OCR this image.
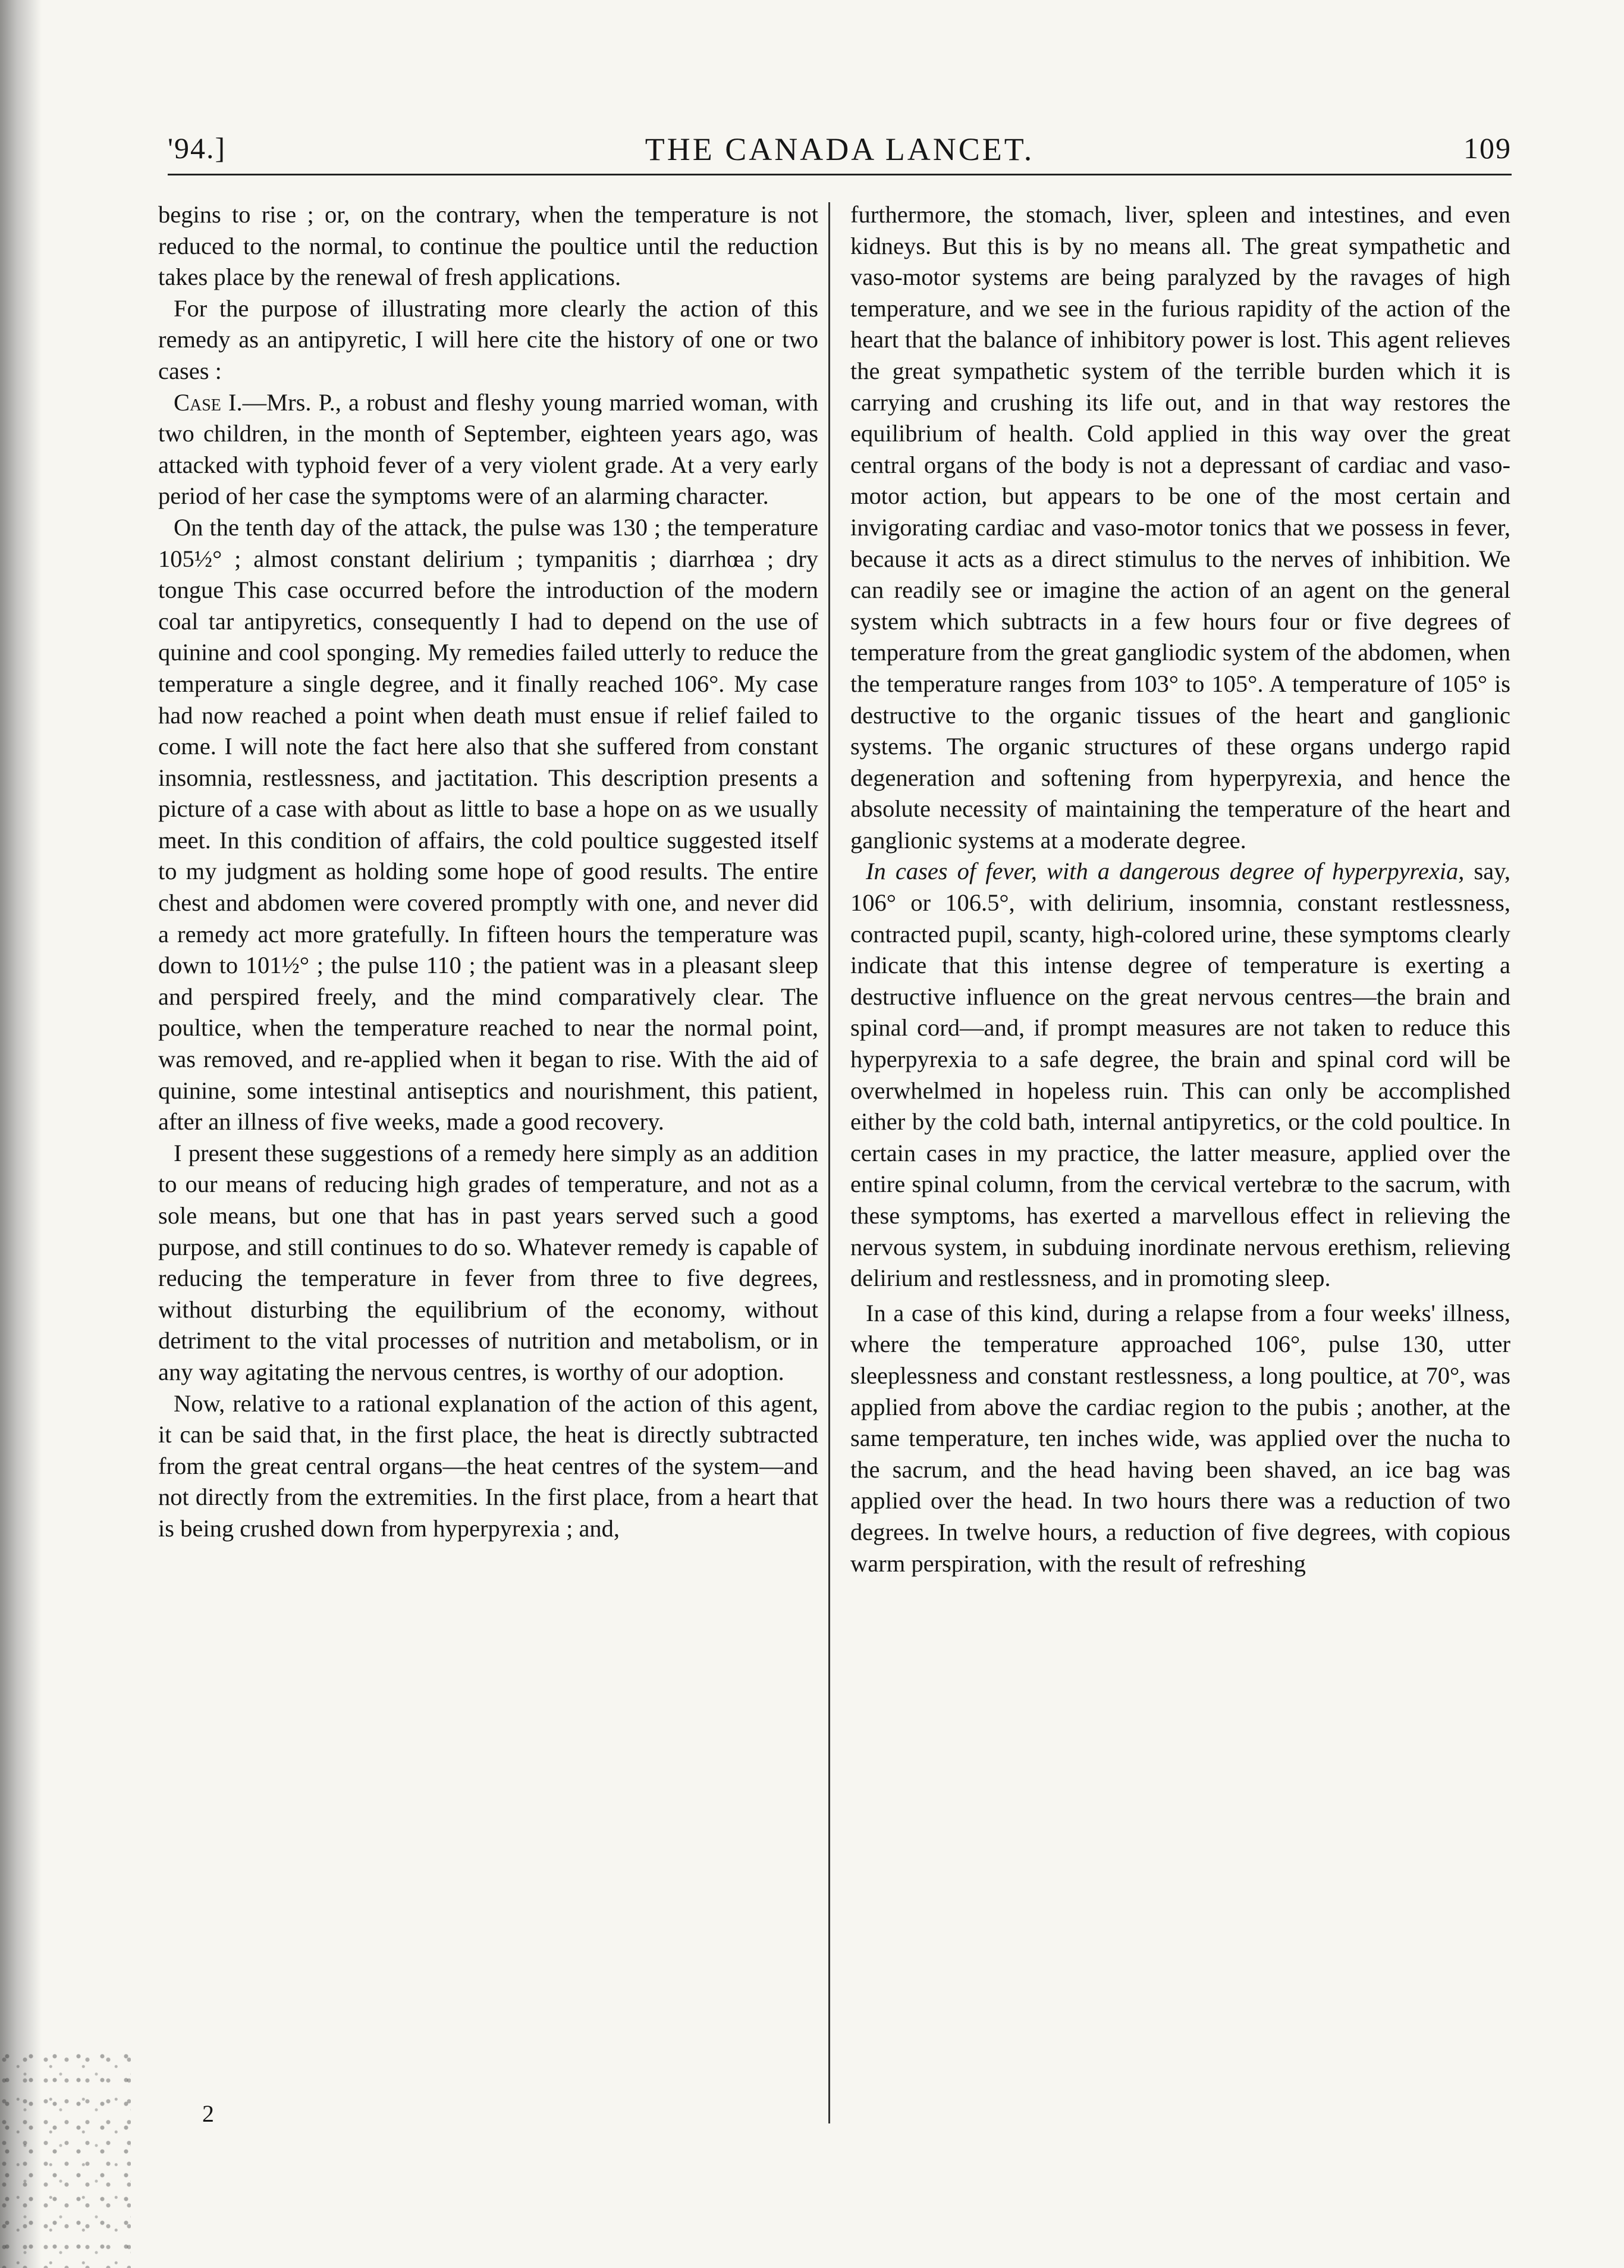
'94.]	THE CANADA LANCET.	109

begins to rise ; or, on the contrary, when the temperature is not reduced to the normal, to continue the poultice until the reduction takes place by the renewal of fresh applications.

For the purpose of illustrating more clearly the action of this remedy as an antipyretic, I will here cite the history of one or two cases :

Case I.—Mrs. P., a robust and fleshy young married woman, with two children, in the month of September, eighteen years ago, was attacked with typhoid fever of a very violent grade. At a very early period of her case the symptoms were of an alarming character.

On the tenth day of the attack, the pulse was 130 ; the temperature 105½° ; almost constant delirium ; tympanitis ; diarrhœa ; dry tongue This case occurred before the introduction of the modern coal tar antipyretics, consequently I had to depend on the use of quinine and cool sponging. My remedies failed utterly to reduce the temperature a single degree, and it finally reached 106°. My case had now reached a point when death must ensue if relief failed to come. I will note the fact here also that she suffered from constant insomnia, restlessness, and jactitation. This description presents a picture of a case with about as little to base a hope on as we usually meet. In this condition of affairs, the cold poultice suggested itself to my judgment as holding some hope of good results. The entire chest and abdomen were covered promptly with one, and never did a remedy act more gratefully. In fifteen hours the temperature was down to 101½° ; the pulse 110 ; the patient was in a pleasant sleep and perspired freely, and the mind comparatively clear. The poultice, when the temperature reached to near the normal point, was removed, and re-applied when it began to rise. With the aid of quinine, some intestinal antiseptics and nourishment, this patient, after an illness of five weeks, made a good recovery.

I present these suggestions of a remedy here simply as an addition to our means of reducing high grades of temperature, and not as a sole means, but one that has in past years served such a good purpose, and still continues to do so. Whatever remedy is capable of reducing the temperature in fever from three to five degrees, without disturbing the equilibrium of the economy, without detriment to the vital processes of nutrition and metabolism, or in any way agitating the nervous centres, is worthy of our adoption.

Now, relative to a rational explanation of the action of this agent, it can be said that, in the first place, the heat is directly subtracted from the great central organs—the heat centres of the system—and not directly from the extremities. In the first place, from a heart that is being crushed down from hyperpyrexia ; and,

furthermore, the stomach, liver, spleen and intestines, and even kidneys. But this is by no means all. The great sympathetic and vaso-motor systems are being paralyzed by the ravages of high temperature, and we see in the furious rapidity of the action of the heart that the balance of inhibitory power is lost. This agent relieves the great sympathetic system of the terrible burden which it is carrying and crushing its life out, and in that way restores the equilibrium of health. Cold applied in this way over the great central organs of the body is not a depressant of cardiac and vaso-motor action, but appears to be one of the most certain and invigorating cardiac and vaso-motor tonics that we possess in fever, because it acts as a direct stimulus to the nerves of inhibition. We can readily see or imagine the action of an agent on the general system which subtracts in a few hours four or five degrees of temperature from the great gangliodic system of the abdomen, when the temperature ranges from 103° to 105°. A temperature of 105° is destructive to the organic tissues of the heart and ganglionic systems. The organic structures of these organs undergo rapid degeneration and softening from hyperpyrexia, and hence the absolute necessity of maintaining the temperature of the heart and ganglionic systems at a moderate degree.

In cases of fever, with a dangerous degree of hyperpyrexia, say, 106° or 106.5°, with delirium, insomnia, constant restlessness, contracted pupil, scanty, high-colored urine, these symptoms clearly indicate that this intense degree of temperature is exerting a destructive influence on the great nervous centres—the brain and spinal cord—and, if prompt measures are not taken to reduce this hyperpyrexia to a safe degree, the brain and spinal cord will be overwhelmed in hopeless ruin. This can only be accomplished either by the cold bath, internal antipyretics, or the cold poultice. In certain cases in my practice, the latter measure, applied over the entire spinal column, from the cervical vertebræ to the sacrum, with these symptoms, has exerted a marvellous effect in relieving the nervous system, in subduing inordinate nervous erethism, relieving delirium and restlessness, and in promoting sleep.

In a case of this kind, during a relapse from a four weeks' illness, where the temperature approached 106°, pulse 130, utter sleeplessness and constant restlessness, a long poultice, at 70°, was applied from above the cardiac region to the pubis ; another, at the same temperature, ten inches wide, was applied over the nucha to the sacrum, and the head having been shaved, an ice bag was applied over the head. In two hours there was a reduction of two degrees. In twelve hours, a reduction of five degrees, with copious warm perspiration, with the result of refreshing

2
